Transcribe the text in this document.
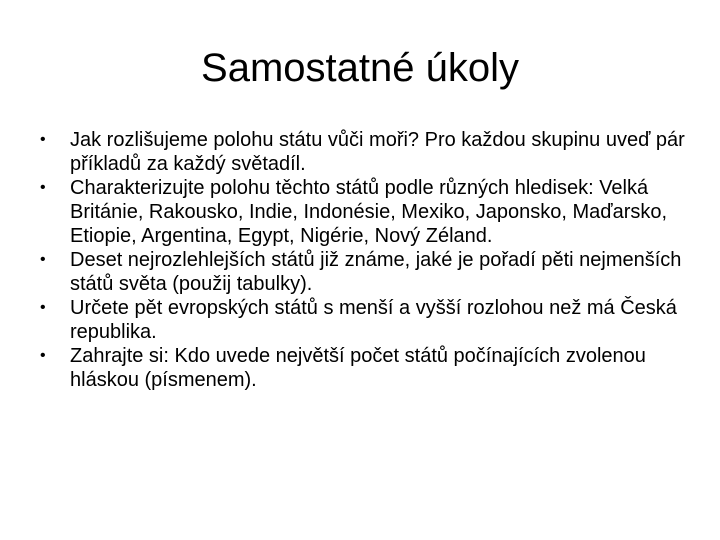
Samostatné úkoly
• Jak rozlišujeme polohu státu vůči moři? Pro každou skupinu uveď pár příkladů za každý světadíl.
• Charakterizujte polohu těchto států podle různých hledisek: Velká Británie, Rakousko, Indie, Indonésie, Mexiko, Japonsko, Maďarsko, Etiopie, Argentina, Egypt, Nigérie, Nový Zéland.
• Deset nejrozlehlejších států již známe, jaké je pořadí pěti nejmenších států světa (použij tabulky).
• Určete pět evropských států s menší a vyšší rozlohou než má Česká republika.
• Zahrajte si: Kdo uvede největší počet států počínajících zvolenou hláskou (písmenem).
